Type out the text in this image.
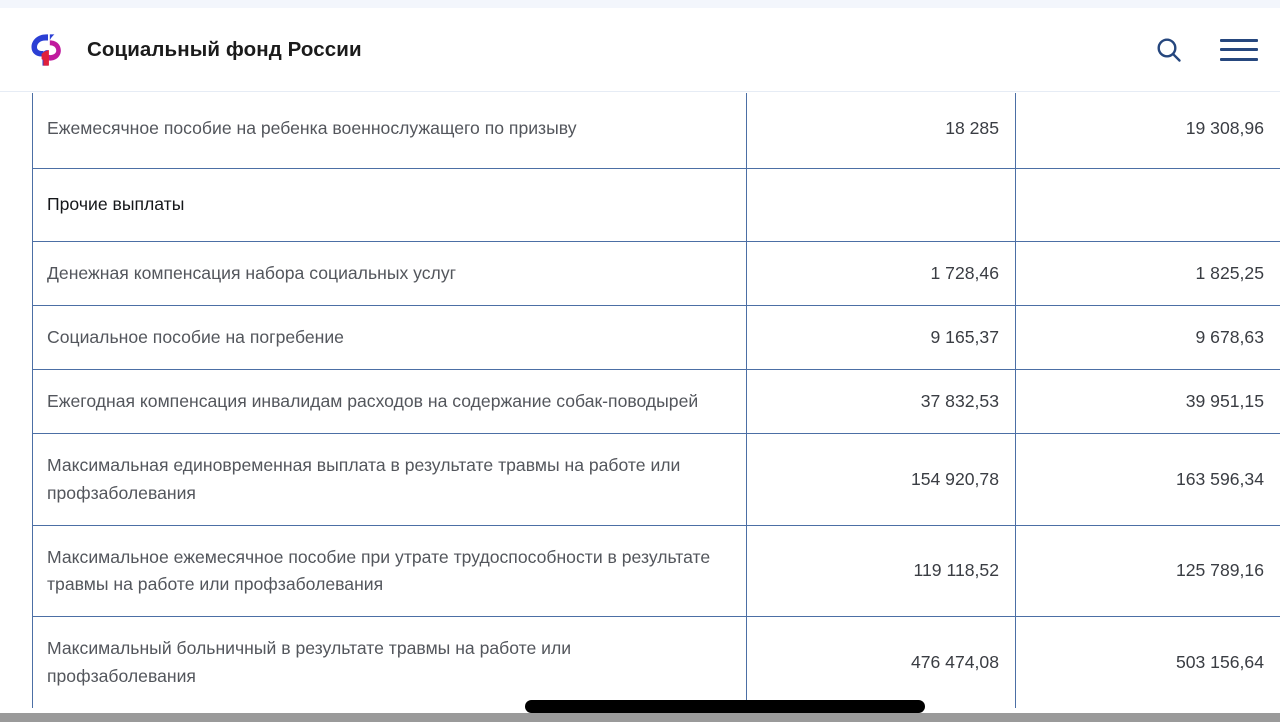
Социальный фонд России
Ежемесячное пособие на ребенка военнослужащего по призыву	18 285	19 308,96	
Прочие выплаты			
Денежная компенсация набора социальных услуг	1 728,46	1 825,25	
Социальное пособие на погребение	9 165,37	9 678,63	
Ежегодная компенсация инвалидам расходов на содержание собак-поводырей	37 832,53	39 951,15	
Максимальная единовременная выплата в результате травмы на работе или профзаболевания	154 920,78	163 596,34	
Максимальное ежемесячное пособие при утрате трудоспособности в результате травмы на работе или профзаболевания	119 118,52	125 789,16	
Максимальный больничный в результате травмы на работе или профзаболевания	476 474,08	503 156,64	
